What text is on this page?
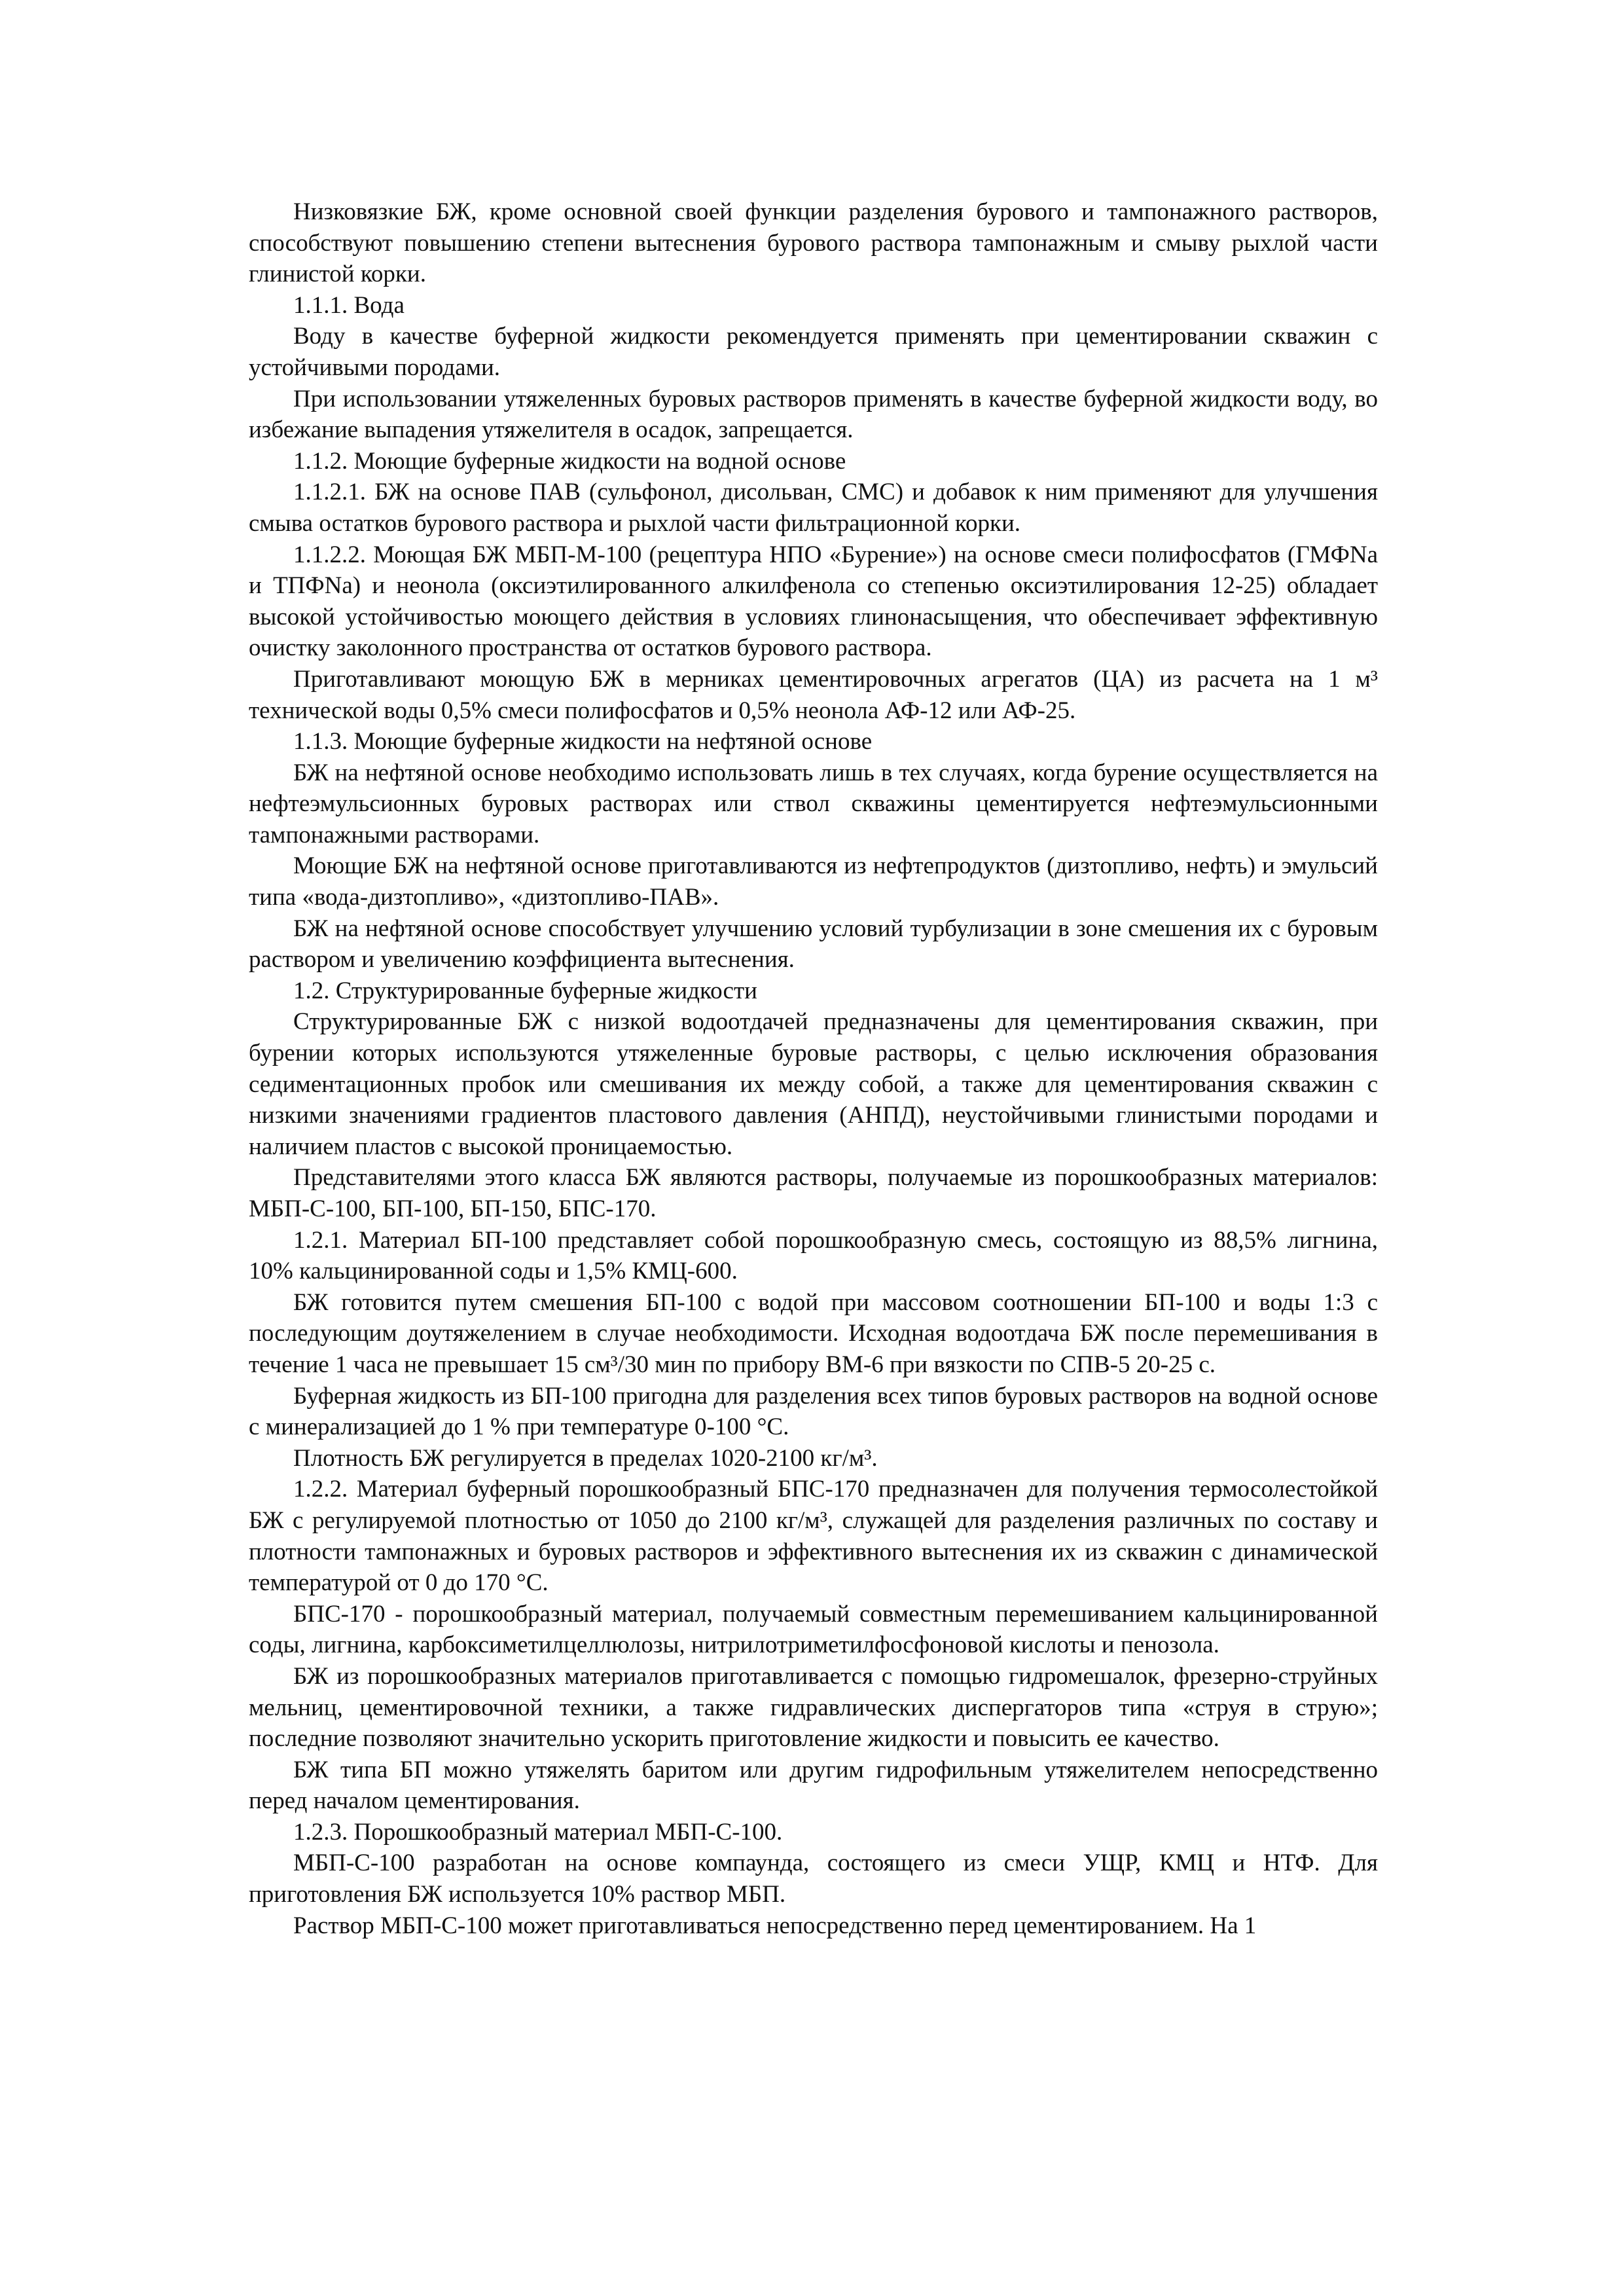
Низковязкие БЖ, кроме основной своей функции разделения бурового и тампонажного растворов, способствуют повышению степени вытеснения бурового раствора тампонажным и смыву рыхлой части глинистой корки.

1.1.1. Вода

Воду в качестве буферной жидкости рекомендуется применять при цементировании скважин с устойчивыми породами.

При использовании утяжеленных буровых растворов применять в качестве буферной жидкости воду, во избежание выпадения утяжелителя в осадок, запрещается.

1.1.2. Моющие буферные жидкости на водной основе

1.1.2.1. БЖ на основе ПАВ (сульфонол, дисольван, СМС) и добавок к ним применяют для улучшения смыва остатков бурового раствора и рыхлой части фильтрационной корки.

1.1.2.2. Моющая БЖ МБП-М-100 (рецептура НПО «Бурение») на основе смеси полифосфатов (ГМФNa и ТПФNa) и неонола (оксиэтилированного алкилфенола со степенью оксиэтилирования 12-25) обладает высокой устойчивостью моющего действия в условиях глинонасыщения, что обеспечивает эффективную очистку заколонного пространства от остатков бурового раствора.

Приготавливают моющую БЖ в мерниках цементировочных агрегатов (ЦА) из расчета на 1 м³ технической воды 0,5% смеси полифосфатов и 0,5% неонола АФ-12 или АФ-25.

1.1.3. Моющие буферные жидкости на нефтяной основе

БЖ на нефтяной основе необходимо использовать лишь в тех случаях, когда бурение осуществляется на нефтеэмульсионных буровых растворах или ствол скважины цементируется нефтеэмульсионными тампонажными растворами.

Моющие БЖ на нефтяной основе приготавливаются из нефтепродуктов (дизтопливо, нефть) и эмульсий типа «вода-дизтопливо», «дизтопливо-ПАВ».

БЖ на нефтяной основе способствует улучшению условий турбулизации в зоне смешения их с буровым раствором и увеличению коэффициента вытеснения.

1.2. Структурированные буферные жидкости

Структурированные БЖ с низкой водоотдачей предназначены для цементирования скважин, при бурении которых используются утяжеленные буровые растворы, с целью исключения образования седиментационных пробок или смешивания их между собой, а также для цементирования скважин с низкими значениями градиентов пластового давления (АНПД), неустойчивыми глинистыми породами и наличием пластов с высокой проницаемостью.

Представителями этого класса БЖ являются растворы, получаемые из порошкообразных материалов: МБП-С-100, БП-100, БП-150, БПС-170.

1.2.1. Материал БП-100 представляет собой порошкообразную смесь, состоящую из 88,5% лигнина, 10% кальцинированной соды и 1,5% КМЦ-600.

БЖ готовится путем смешения БП-100 с водой при массовом соотношении БП-100 и воды 1:3 с последующим доутяжелением в случае необходимости. Исходная водоотдача БЖ после перемешивания в течение 1 часа не превышает 15 см³/30 мин по прибору ВМ-6 при вязкости по СПВ-5 20-25 с.

Буферная жидкость из БП-100 пригодна для разделения всех типов буровых растворов на водной основе с минерализацией до 1 % при температуре 0-100 °С.

Плотность БЖ регулируется в пределах 1020-2100 кг/м³.

1.2.2. Материал буферный порошкообразный БПС-170 предназначен для получения термосолестойкой БЖ с регулируемой плотностью от 1050 до 2100 кг/м³, служащей для разделения различных по составу и плотности тампонажных и буровых растворов и эффективного вытеснения их из скважин с динамической температурой от 0 до 170 °С.

БПС-170 - порошкообразный материал, получаемый совместным перемешиванием кальцинированной соды, лигнина, карбоксиметилцеллюлозы, нитрилотриметилфосфоновой кислоты и пенозола.

БЖ из порошкообразных материалов приготавливается с помощью гидромешалок, фрезерно-струйных мельниц, цементировочной техники, а также гидравлических диспергаторов типа «струя в струю»; последние позволяют значительно ускорить приготовление жидкости и повысить ее качество.

БЖ типа БП можно утяжелять баритом или другим гидрофильным утяжелителем непосредственно перед началом цементирования.

1.2.3. Порошкообразный материал МБП-С-100.

МБП-С-100 разработан на основе компаунда, состоящего из смеси УЩР, КМЦ и НТФ. Для приготовления БЖ используется 10% раствор МБП.

Раствор МБП-С-100 может приготавливаться непосредственно перед цементированием. На 1
